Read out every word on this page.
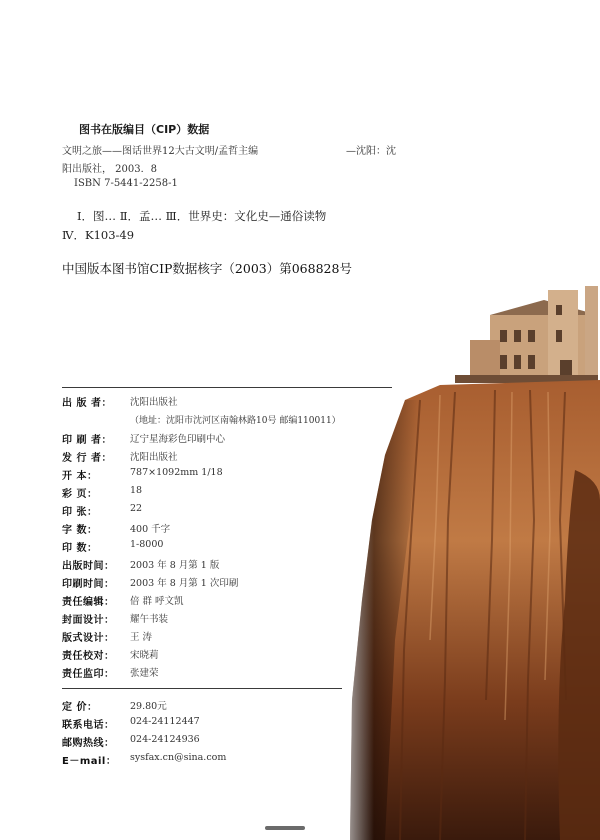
图书在版编目（CIP）数据
文明之旅——图话世界12大古文明/孟哲主编	—沈阳：沈
阳出版社， 2003．8
ISBN 7-5441-2258-1
Ⅰ．图… Ⅱ．孟… Ⅲ．世界史：文化史—通俗读物
Ⅳ．K103-49
中国版本图书馆CIP数据核字（2003）第068828号
出 版 者： 沈阳出版社
（地址：沈阳市沈河区南翰林路10号 邮编110011）
印 刷 者： 辽宁星海彩色印刷中心
发 行 者： 沈阳出版社
开 本：	787×1092mm 1/18
彩 页：	18
印 张：	22
字 数：	400 千字
印 数：	1-8000
出版时间： 2003 年 8 月第 1 版
印刷时间： 2003 年 8 月第 1 次印刷
责任编辑： 倍 群 呼文凯
封面设计： 耀午书装
版式设计： 王 涛
责任校对： 宋晓莉
责任监印： 张建荣
定 价：	29.80元
联系电话： 024-24112447
邮购热线： 024-24124936
E－mail： sysfax.cn@sina.com
